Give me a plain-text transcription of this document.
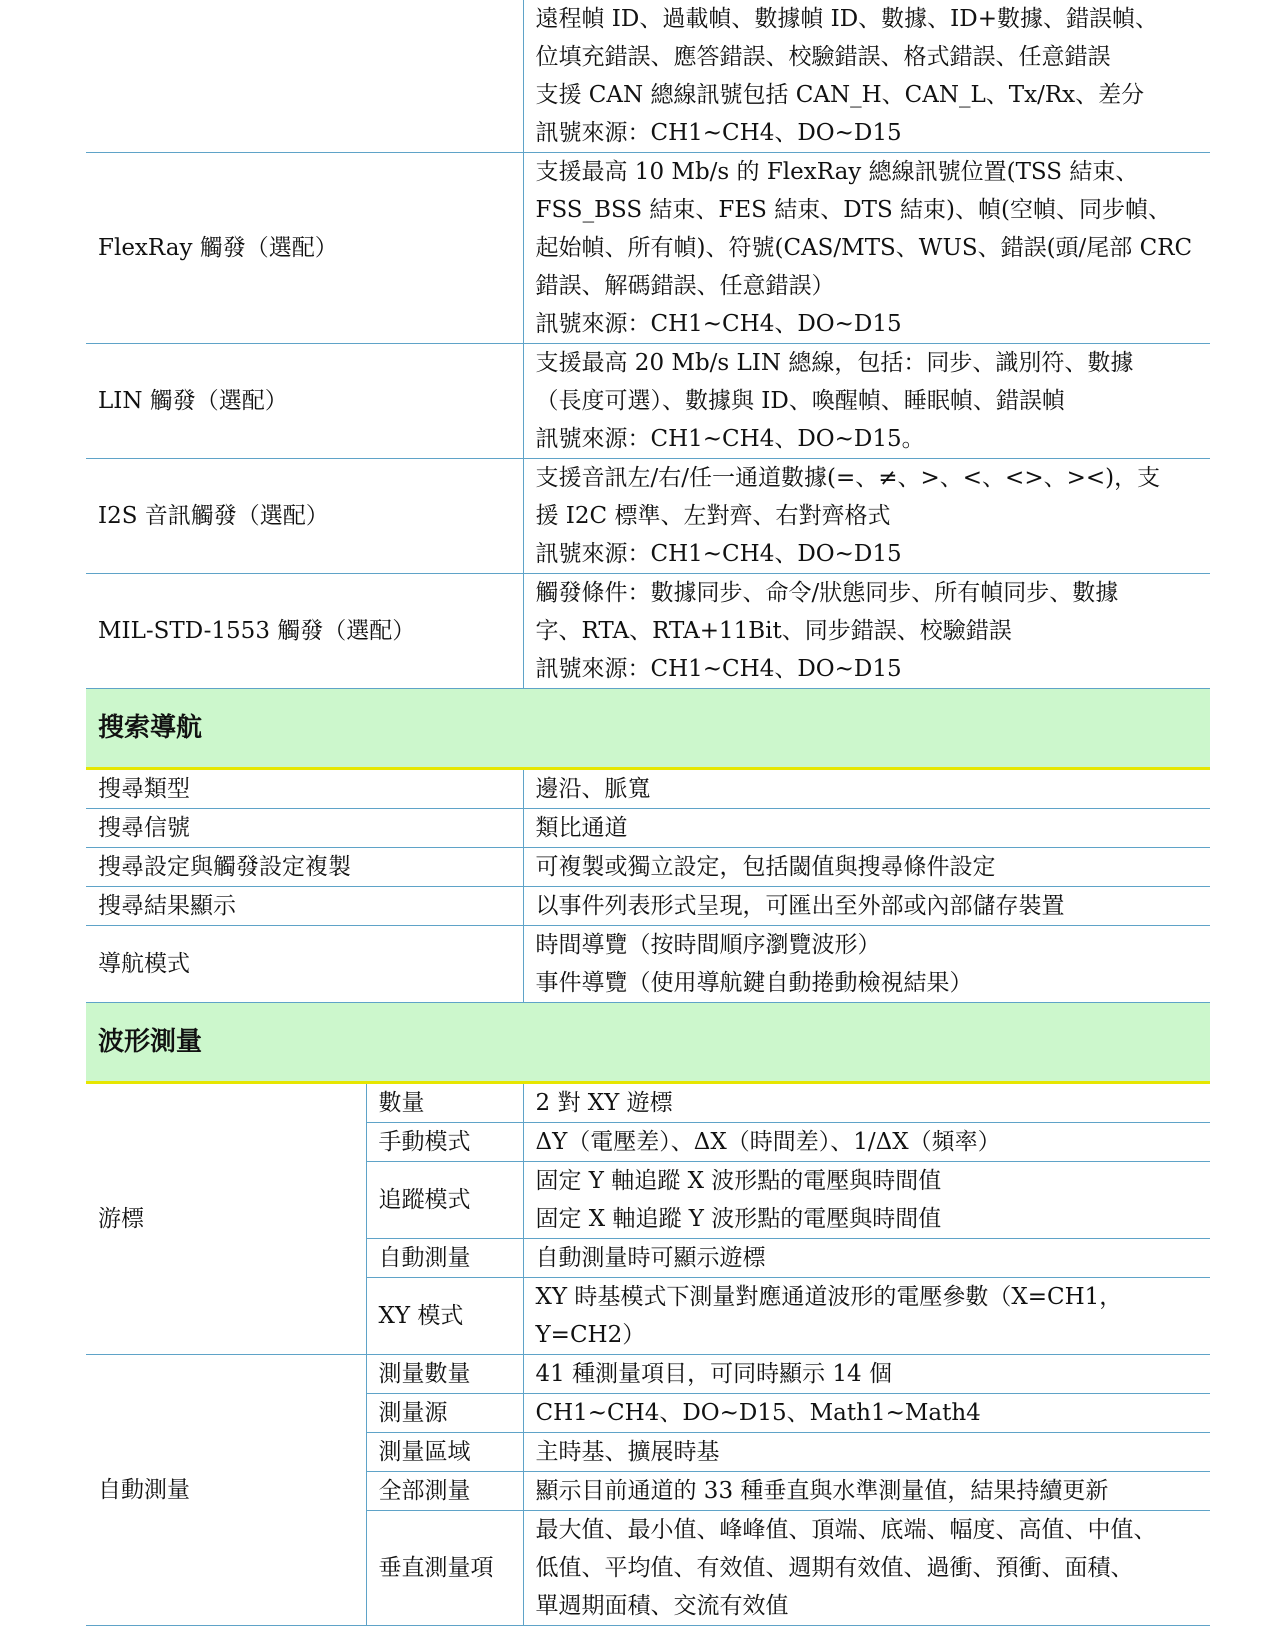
		遠程幀 ID、過載幀、數據幀 ID、數據、ID+數據、錯誤幀、
位填充錯誤、應答錯誤、校驗錯誤、格式錯誤、任意錯誤
支援 CAN 總線訊號包括 CAN_H、CAN_L、Tx/Rx、差分
訊號來源：CH1~CH4、DO~D15
FlexRay 觸發（選配）		支援最高 10 Mb/s 的 FlexRay 總線訊號位置(TSS 結束、
FSS_BSS 結束、FES 結束、DTS 結束)、幀(空幀、同步幀、
起始幀、所有幀)、符號(CAS/MTS、WUS、錯誤(頭/尾部 CRC
錯誤、解碼錯誤、任意錯誤）
訊號來源：CH1~CH4、DO~D15
LIN 觸發（選配）		支援最高 20 Mb/s LIN 總線，包括：同步、識別符、數據
（長度可選）、數據與 ID、喚醒幀、睡眠幀、錯誤幀
訊號來源：CH1~CH4、DO~D15。
I2S 音訊觸發（選配）		支援音訊左/右/任一通道數據(=、≠、>、<、<>、><)，支
援 I2C 標準、左對齊、右對齊格式
訊號來源：CH1~CH4、DO~D15
MIL-STD-1553 觸發（選配）		觸發條件：數據同步、命令/狀態同步、所有幀同步、數據
字、RTA、RTA+11Bit、同步錯誤、校驗錯誤
訊號來源：CH1~CH4、DO~D15
搜索導航		
搜尋類型		邊沿、脈寬
搜尋信號		類比通道
搜尋設定與觸發設定複製		可複製或獨立設定，包括閾值與搜尋條件設定
搜尋結果顯示		以事件列表形式呈現，可匯出至外部或內部儲存裝置
導航模式		時間導覽（按時間順序瀏覽波形）
事件導覽（使用導航鍵自動捲動檢視結果）
波形測量		
游標	數量	2 對 XY 遊標
	手動模式	ΔY（電壓差）、ΔX（時間差）、1/ΔX（頻率）
	追蹤模式	固定 Y 軸追蹤 X 波形點的電壓與時間值
固定 X 軸追蹤 Y 波形點的電壓與時間值
	自動測量	自動測量時可顯示遊標
	XY 模式	XY 時基模式下測量對應通道波形的電壓參數（X=CH1，
Y=CH2）
自動測量	測量數量	41 種測量項目，可同時顯示 14 個
	測量源	CH1~CH4、DO~D15、Math1~Math4
	測量區域	主時基、擴展時基
	全部測量	顯示目前通道的 33 種垂直與水準測量值，結果持續更新
	垂直測量項	最大值、最小值、峰峰值、頂端、底端、幅度、高值、中值、
低值、平均值、有效值、週期有效值、過衝、預衝、面積、
單週期面積、交流有效值
